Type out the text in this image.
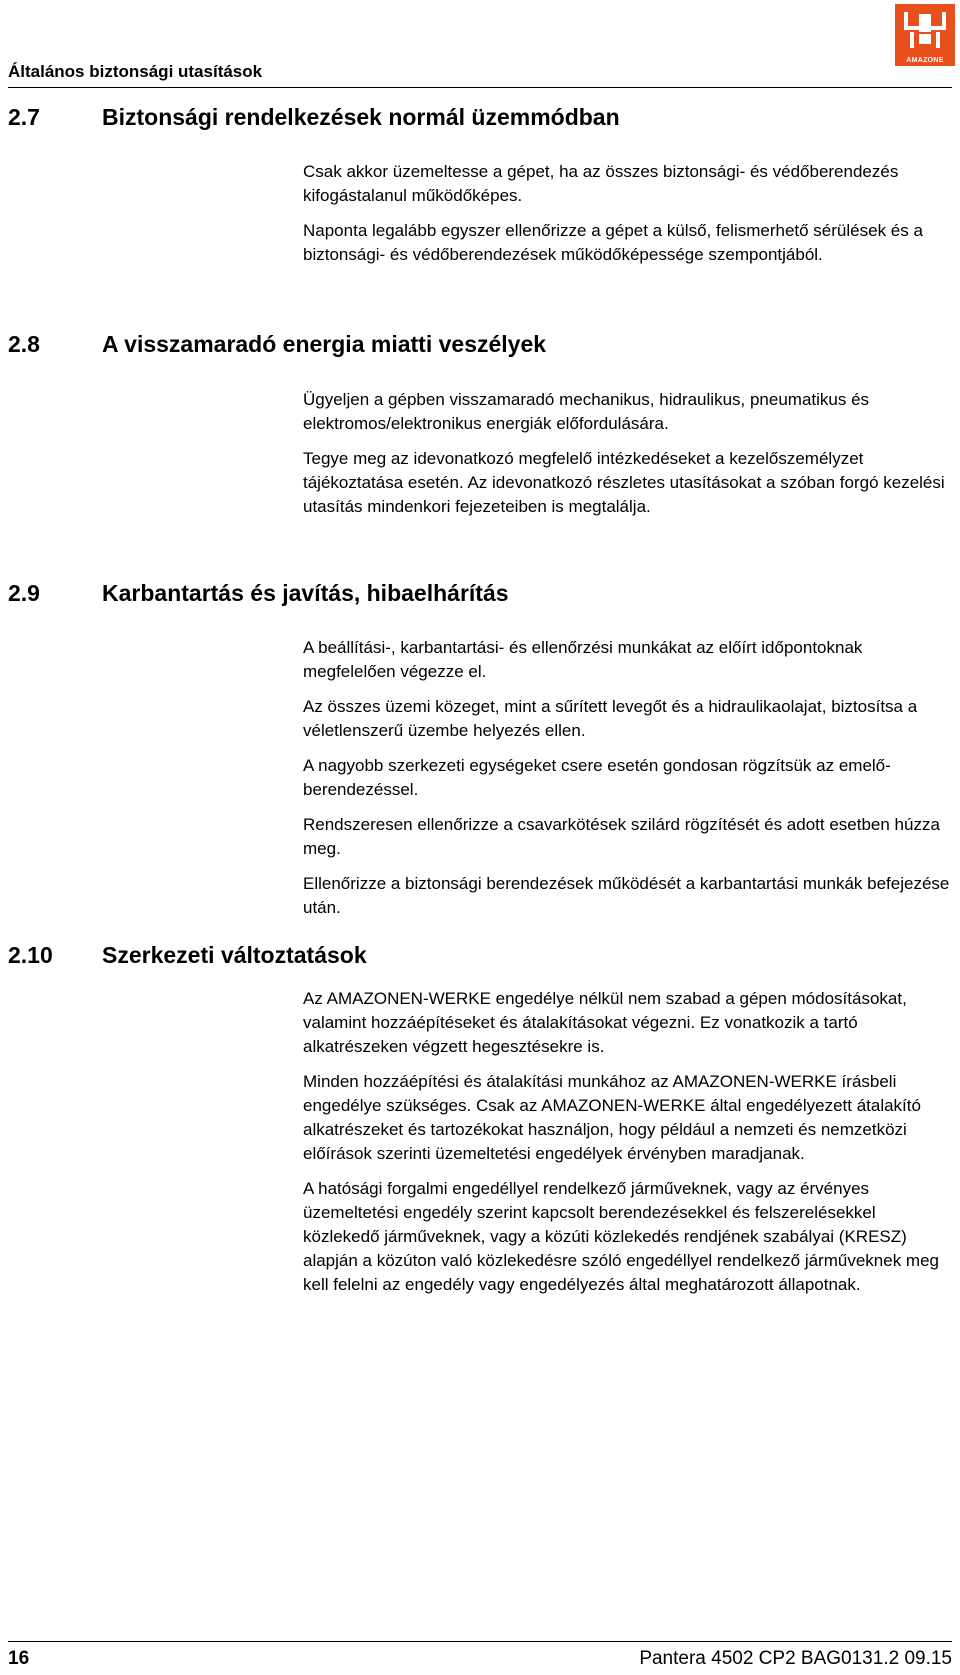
Általános biztonsági utasítások
AMAZONE
2.7	Biztonsági rendelkezések normál üzemmódban

Csak akkor üzemeltesse a gépet, ha az összes biztonsági- és védőberendezés kifogástalanul működőképes.

Naponta legalább egyszer ellenőrizze a gépet a külső, felismerhető sérülések és a biztonsági- és védőberendezések működőképessége szempontjából.

2.8	A visszamaradó energia miatti veszélyek

Ügyeljen a gépben visszamaradó mechanikus, hidraulikus, pneumatikus és elektromos/elektronikus energiák előfordulására.

Tegye meg az idevonatkozó megfelelő intézkedéseket a kezelőszemélyzet tájékoztatása esetén. Az idevonatkozó részletes utasításokat a szóban forgó kezelési utasítás mindenkori fejezeteiben is megtalálja.

2.9	Karbantartás és javítás, hibaelhárítás

A beállítási-, karbantartási- és ellenőrzési munkákat az előírt időpontoknak megfelelően végezze el.

Az összes üzemi közeget, mint a sűrített levegőt és a hidraulikaolajat, biztosítsa a véletlenszerű üzembe helyezés ellen.

A nagyobb szerkezeti egységeket csere esetén gondosan rögzítsük az emelő-berendezéssel.

Rendszeresen ellenőrizze a csavarkötések szilárd rögzítését és adott esetben húzza meg.

Ellenőrizze a biztonsági berendezések működését a karbantartási munkák befejezése után.

2.10 Szerkezeti változtatások

Az AMAZONEN-WERKE engedélye nélkül nem szabad a gépen módosításokat, valamint hozzáépítéseket és átalakításokat végezni. Ez vonatkozik a tartó alkatrészeken végzett hegesztésekre is.

Minden hozzáépítési és átalakítási munkához az AMAZONEN-WERKE írásbeli engedélye szükséges. Csak az AMAZONEN-WERKE által engedélyezett átalakító alkatrészeket és tartozékokat használjon, hogy például a nemzeti és nemzetközi előírások szerinti üzemeltetési engedélyek érvényben maradjanak.

A hatósági forgalmi engedéllyel rendelkező járműveknek, vagy az érvényes üzemeltetési engedély szerint kapcsolt berendezésekkel és felszerelésekkel közlekedő járműveknek, vagy a közúti közlekedés rendjének szabályai (KRESZ) alapján a közúton való közlekedésre szóló engedéllyel rendelkező járműveknek meg kell felelni az engedély vagy engedélyezés által meghatározott állapotnak.

16	Pantera 4502 CP2 BAG0131.2 09.15
